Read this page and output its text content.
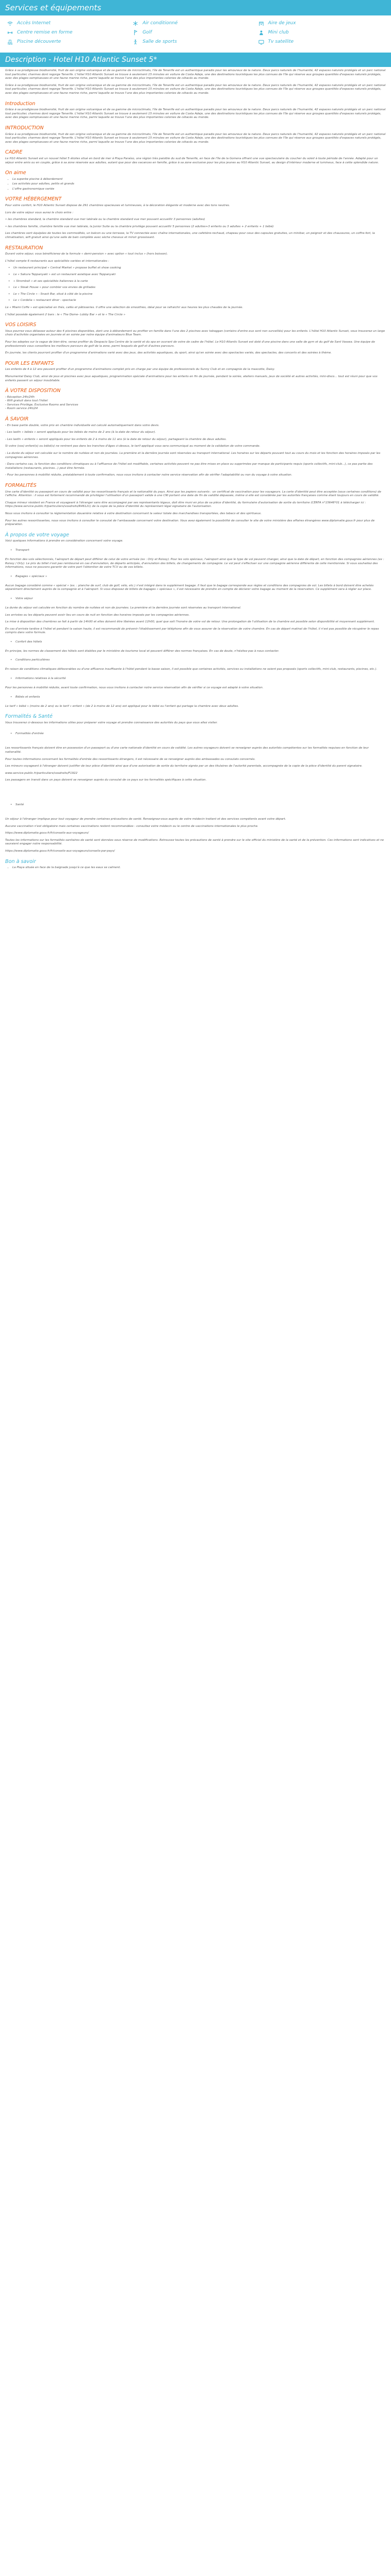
Services et équipements
Accès Internet	Air conditionné	Aire de jeux
Centre remise en forme	Golf	Mini club
Piscine découverte	Salle de sports	Tv satellite
Description - Hotel H10 Atlantic Sunset 5*

Grâce à sa prodigieuse biodiversité, fruit de son origine volcanique et de sa gamme de microclimats, l'île de Tenerife est un authentique paradis pour les amoureux de la nature. Deux parcs naturels de l'humanité, 42 espaces naturels protégés et un parc national tout particulier, charmes dont regorge Tenerife. L'hôtel H10 Atlantic Sunset se trouve à seulement 15 minutes en voiture de Costa Adeje, une des destinations touristiques les plus connues de l'île qui réserve aux groupes quantités d'espaces naturels protégés, avec des plages somptueuses et une faune marine riche, parmi laquelle se trouve l'une des plus importantes colonies de cétacés au monde.

Grâce à sa prodigieuse biodiversité, fruit de son origine volcanique et de sa gamme de microclimats, l'île de Tenerife est un authentique paradis pour les amoureux de la nature. Deux parcs naturels de l'humanité, 42 espaces naturels protégés et un parc national tout particulier, charmes dont regorge Tenerife. L'hôtel H10 Atlantic Sunset se trouve à seulement 15 minutes en voiture de Costa Adeje, une des destinations touristiques les plus connues de l'île qui réserve aux groupes quantités d'espaces naturels protégés, avec des plages somptueuses et une faune marine riche, parmi laquelle se trouve l'une des plus importantes colonies de cétacés au monde.

Introduction

Grâce à sa prodigieuse biodiversité, fruit de son origine volcanique et de sa gamme de microclimats, l'île de Tenerife est un authentique paradis pour les amoureux de la nature. Deux parcs naturels de l'humanité, 42 espaces naturels protégés et un parc national tout particulier, charmes dont regorge Tenerife. L'hôtel H10 Atlantic Sunset se trouve à seulement 15 minutes en voiture de Costa Adeje, une des destinations touristiques les plus connues de l'île qui réserve aux groupes quantités d'espaces naturels protégés, avec des plages somptueuses et une faune marine riche, parmi laquelle se trouve l'une des plus importantes colonies de cétacés au monde.

INTRODUCTION

Grâce à sa prodigieuse biodiversité, fruit de son origine volcanique et de sa gamme de microclimats, l'île de Tenerife est un authentique paradis pour les amoureux de la nature. Deux parcs naturels de l'humanité, 42 espaces naturels protégés et un parc national tout particulier, charmes dont regorge Tenerife. L'hôtel H10 Atlantic Sunset se trouve à seulement 15 minutes en voiture de Costa Adeje, une des destinations touristiques les plus connues de l'île qui réserve aux groupes quantités d'espaces naturels protégés, avec des plages somptueuses et une faune marine riche, parmi laquelle se trouve l'une des plus importantes colonies de cétacés au monde.

CADRE

Le H10 Atlantic Sunset est un nouvel hôtel 5 étoiles situé en bord de mer à Playa Paraíso, une région très paisible du sud de Tenerife, en face de l'île de la Gomera offrant une vue spectaculaire du coucher du soleil à toute période de l'année. Adapté pour un séjour entre amis ou en couple, grâce à sa zone réservée aux adultes, autant que pour des vacances en famille, grâce à sa zone exclusive pour les plus jeunes au H10 Atlantic Sunset, au design d'intérieur moderne et lumineux, face à cette splendide nature.

On aime
• La superbe piscine à débordement
• Les activités pour adultes, petits et grands
• L'offre gastronomique variée
VOTRE HÉBERGEMENT

Pour votre confort, le H10 Atlantic Sunset dispose de 291 chambres spacieuses et lumineuses, à la décoration élégante et moderne avec des tons neutres.

Lors de votre séjour vous aurez le choix entre :

• les chambres standard, la chambre standard vue mer latérale ou la chambre standard vue mer pouvant accueillir 3 personnes (adultes)

• les chambres famille, chambre famille vue mer latérale, la Junior Suite ou la chambre privilège pouvant accueillir 5 personnes (2 adultes+3 enfants ou 3 adultes + 2 enfants + 1 bébé)

Les chambres sont équipées de toutes les commodités, un balcon ou une terrasse, la TV connectée avec chaîne internationales, une cafetière-rechaud, chapeau pour ceux des capsules gratuites, un minibar, un peignoir et des chaussures, un coffre-fort, la climatisation, wifi gratuit ainsi qu'une salle de bain complète avec sèche cheveux et miroir grossissant.

RESTAURATION

Durant votre séjour, vous bénéficierez de la formule « demi-pension » avec option « tout inclus » (hors boisson).

L'hôtel compte 6 restaurants aux spécialités variées et internationales :

• Un restaurant principal « Central Market » propose buffet et show cooking
• Le « Sakura Teppanyaki » est un restaurant asiatique avec Teppanyaki
• « Stromboli » et ses spécialités italiennes à la carte
• Le « Steak House » pour combler vos envies de grillades
• Le « The Circle » - Snack Bar, situé à côté de la piscine
• Le « Cordelia » restaurant diner - spectacle

Le « Miami Coffe » est spécialisé en thés, cafés et pâtisseries. Il offre une sélection de smoothies, idéal pour se rafraichir aux heures les plus chaudes de la journée.

L'hôtel possède également 2 bars : le « The Dome- Lobby Bar » et le « The Circle »

VOS LOISIRS

Vous pourrez vous délassez autour des 4 piscines disponibles, dont une à débordement ou profiter en famille dans l'une des 2 piscines avec toboggan (certains d'entre eux sont non surveillés) pour les enfants. L'hôtel H10 Atlantic Sunset, vous trouverez un large choix d'activités organisées en journée et en soirée par notre équipe d'animateurs Blue Team.

Pour les adeptes sur la vague de bien-être, venez profiter du Despacio Spa Centre de la santé et du spa en ouvrant de votre de cadre de l'hôtel. Le H10 Atlantic Sunset est doté d'une piscine dans une salle de gym et du golf de Sant Vassea. Une équipe de professionnels vous conseillera les meilleurs parcours de golf de la zone, parmi lesquels de golf et d'autres parcours.

En journée, les clients pourront profiter d'un programme d'animations varié avec des jeux, des activités aquatiques, du sport, ainsi qu'en soirée avec des spectacles variés, des spectacles, des concerts et des soirées à thème.

POUR LES ENFANTS

Les enfants de 4 à 12 ans peuvent profiter d'un programme d'animations complet pris en charge par une équipe de professionnels du Sunny Club et en compagnie de la mascotte, Daisy.

Monumental Daisy Club, ainsi de jeux et piscines avec jeux aquatiques, programmation spéciale d'animations pour les enfants en fin de journée, pendant la soirée, ateliers manuels, jeux de société et autres activités, mini-disco... tout est réuni pour que vos enfants passent un séjour inoubliable.

À VOTRE DISPOSITION

- Réception 24h/24h

- Wifi gratuit dans tout l'hôtel

- Services Privilège, Exclusive Rooms and Services

- Room service 24h/24

À SAVOIR

- En base partie double, votre prix en chambre individuelle est calculé automatiquement dans votre devis.

- Les lastIn « bébés » seront appliqués pour les bébés de moins de 2 ans (à la date de retour du séjour).

- Les lastIn « enfants » seront appliqués pour les enfants de 2 à moins de 11 ans (à la date de retour du séjour), partageant la chambre de deux adultes.

Si votre (vos) enfant(s) ou bébé(s) ne rentrent pas dans les tranches d'âges ci-dessus, le tarif appliqué vous sera communiqué au moment de la validation de votre commande.

- La durée du séjour est calculée sur le nombre de nuitées et non de journées. La première et la dernière journée sont réservées au transport international. Les horaires sur les départs pouvant tout au cours du mois et les fonction des horaires imposés par les compagnies aériennes.

- Dans certains cas, la fonction des conditions climatiques ou à l'affluence de l'hôtel est modifiable, certaines activités peuvent ne pas être mises en place ou supprimées par manque de participants requis (sports collectifs, mini-club...), ce pas partie des installations (restaurants, piscines...) peut être fermée.

- Pour les personnes à mobilité réduite, préalablement à toute confirmation, nous vous invitons à contacter notre service réservation afin de vérifier l'adaptabilité ou non du voyage à votre situation.

FORMALITÉS

Une carte d'identité ou passeport en cours de validité pour les ressortissants français et la nationalité du pays. Ainsi que les papiers suivants : un certificat de vaccination pour les voyageurs. La carte d'identité peut être acceptée (sous certaines conditions) de l'affiche. Attention : il vous est fortement recommandé de privilégier l'utilisation d'un passeport valide à une CNI portant une date de fin de validité dépassée, même si elle est considérée par les autorités françaises comme étant toujours en cours de validité.

Chaque mineur résident en France et voyageant à l'étranger sans être accompagné par ses représentants légaux, doit être muni en plus de sa pièce d'identité, du formulaire d'autorisation de sortie du territoire (CERFA n°15646*01 à télécharger ici : https://www.service-public.fr/particuliers/vosdroits/R46121) de la copie de la pièce d'identité du représentant légal signataire de l'autorisation.

Nous vous invitons à consulter la réglementation douanière relative à votre destination concernant la valeur totale des marchandises transportées, des tabacs et des spiritueux.

Pour les autres ressortissantes, nous vous invitons à consulter le consulat de l'ambassade concernant votre destination. Vous avez également la possibilité de consulter le site de votre ministère des affaires étrangères www.diplomatie.gouv.fr pour plus de préparation.

À propos de votre voyage

Voici quelques informations à prendre en considération concernant votre voyage.

• Transport

En fonction des vols sélectionnés, l'aéroport de départ peut différer de celui de votre arrivée (ex : Orly et Roissy). Pour les vols spéciaux, l'aéroport ainsi que le type de vol peuvent changer, ainsi que la date de départ, en fonction des compagnies aériennes (ex : Roissy / Orly). Le prix du billet n'est pas remboursé en cas d'annulation, de départs anticipés, d'annulation des billets, de changements de compagnie. Le vol peut s'effectuer sur une compagnie aérienne différente de celle mentionnée. Si vous souhaitez des informations, nous ne pouvons garantir de votre part l'obtention de votre TCV ou de vos billets.

• Bagages « spéciaux »

Aucun bagage considéré comme « spécial » (ex. : planche de surf, club de golf, vélo, etc.) n'est intégré dans le supplément bagage. Il faut que le bagage corresponde aux règles et conditions des compagnies de vol. Les billets à bord doivent être achetés séparément directement auprès de la compagnie et à l'aéroport. Si vous disposez de billets de bagages « spéciaux », il est nécessaire de prendre en compte de déclarer votre bagage au moment de la réservation. Ce supplément sera à régler sur place.

• Votre séjour

La durée du séjour est calculée en fonction du nombre de nuitées et non de journées. La première et la dernière journée sont réservées au transport international.

Les arrivées ou les départs peuvent avoir lieu en cours de nuit en fonction des horaires imposés par les compagnies aériennes.

La mise à disposition des chambres se fait à partir de 14h00 et elles doivent être libérées avant 12h00, quel que soit l'horaire de votre vol de retour. Une prolongation de l'utilisation de la chambre est possible selon disponibilité et moyennant supplément.

En cas d'arrivée tardive à l'hôtel et pendant la saison haute, il est recommandé de prévenir l'établissement par téléphone afin de vous assurer de la réservation de votre chambre. En cas de départ matinal de l'hôtel, il n'est pas possible de récupérer le repas compris dans votre formule.

• Confort des hôtels

En principe, les normes de classement des hôtels sont établies par le ministère de tourisme local et peuvent différer des normes françaises. En cas de doute, n'hésitez pas à nous contacter.

• Conditions particulières

En raison de conditions climatiques défavorables ou d'une affluence insuffisante à l'hôtel pendant la basse saison, il est possible que certaines activités, services ou installations ne soient pas proposés (sports collectifs, mini-club, restaurants, piscines, etc.).

• Informations relatives à la sécurité

Pour les personnes à mobilité réduite, avant toute confirmation, nous vous invitons à contacter notre service réservation afin de vérifier si ce voyage est adapté à votre situation.

• Bébés et enfants

Le tarif « bébé » (moins de 2 ans) ou le tarif « enfant » (de 2 à moins de 12 ans) est appliqué pour le bébé ou l'enfant qui partage la chambre avec deux adultes.

Formalités & Santé

Vous trouverez ci-dessous les informations utiles pour préparer votre voyage et prendre connaissance des autorités du pays que vous allez visiter.

• Formalités d'entrée

Les ressortissants français doivent être en possession d'un passeport ou d'une carte nationale d'identité en cours de validité. Les autres voyageurs doivent se renseigner auprès des autorités compétentes sur les formalités requises en fonction de leur nationalité.

Pour toutes informations concernant les formalités d'entrée des ressortissants étrangers, il est nécessaire de se renseigner auprès des ambassades ou consulats concernés.

Les mineurs voyageant à l'étranger doivent justifier de leur pièce d'identité ainsi que d'une autorisation de sortie du territoire signée par un des titulaires de l'autorité parentale, accompagnée de la copie de la pièce d'identité du parent signataire.

www.service-public.fr/particuliers/vosdroits/F1922

Les passagers en transit dans un pays doivent se renseigner auprès du consulat de ce pays sur les formalités spécifiques à cette situation.

• Santé

Un séjour à l'étranger implique pour tout voyageur de prendre certaines précautions de santé. Renseignez-vous auprès de votre médecin traitant et des services compétents avant votre départ.

Aucune vaccination n'est obligatoire mais certaines vaccinations restent recommandées : consultez votre médecin ou le centre de vaccinations internationales le plus proche.

https://www.diplomatie.gouv.fr/fr/conseils-aux-voyageurs/

Toutes les informations sur les formalités sanitaires de santé sont données sous réserve de modifications. Retrouvez toutes les précautions de santé à prendre sur le site officiel du ministère de la santé et de la prévention. Ces informations sont indicatives et ne sauraient engager notre responsabilité.

https://www.diplomatie.gouv.fr/fr/conseils-aux-voyageurs/conseils-par-pays/

Bon à savoir
• La Playa située en face de la baignade jusqu'à ce que les eaux se calment.
